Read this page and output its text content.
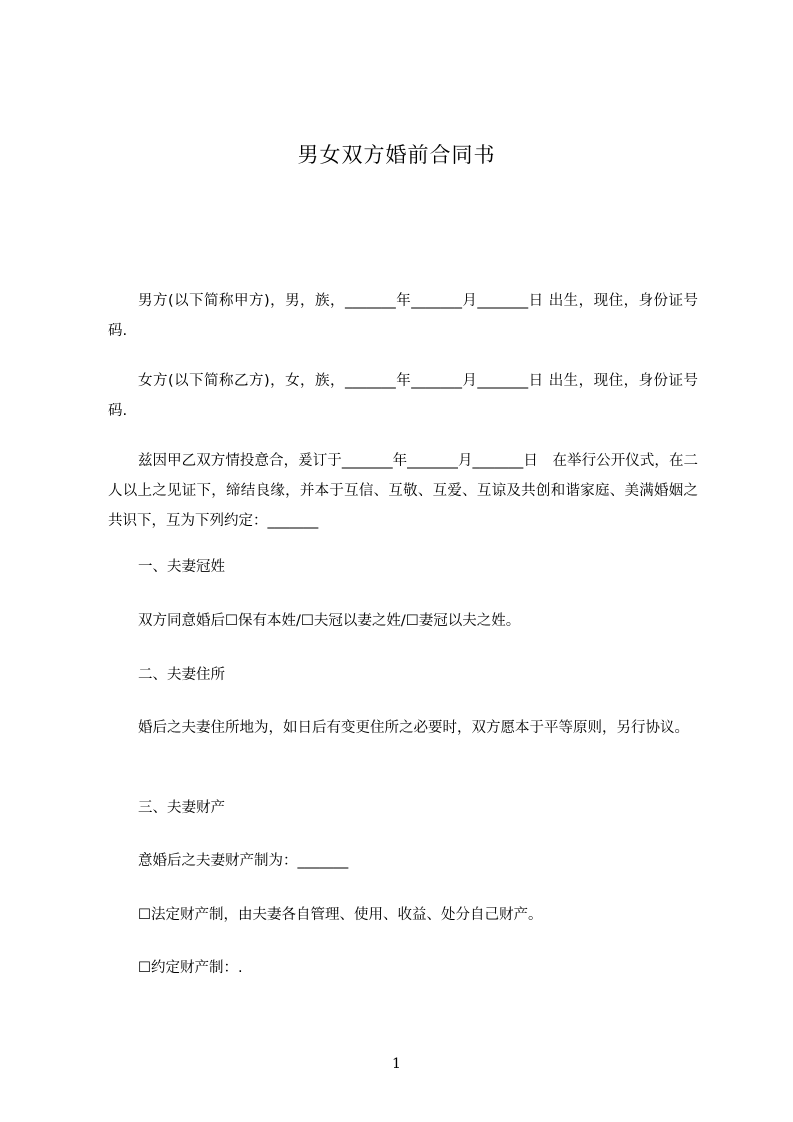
男女双方婚前合同书

男方(以下简称甲方)，男，族，_______年_______月_______日 出生，现住，身份证号码.

女方(以下简称乙方)，女，族，_______年_______月_______日 出生，现住，身份证号码.

兹因甲乙双方情投意合，爰订于_______年_______月_______日　在举行公开仪式，在二人以上之见证下，缔结良缘，并本于互信、互敬、互爱、互谅及共创和谐家庭、美满婚姻之共识下，互为下列约定：_______

一、夫妻冠姓

双方同意婚后☐保有本姓/☐夫冠以妻之姓/☐妻冠以夫之姓。

二、夫妻住所

婚后之夫妻住所地为，如日后有变更住所之必要时，双方愿本于平等原则，另行协议。

三、夫妻财产

意婚后之夫妻财产制为：_______

☐法定财产制，由夫妻各自管理、使用、收益、处分自己财产。

☐约定财产制：.

1
